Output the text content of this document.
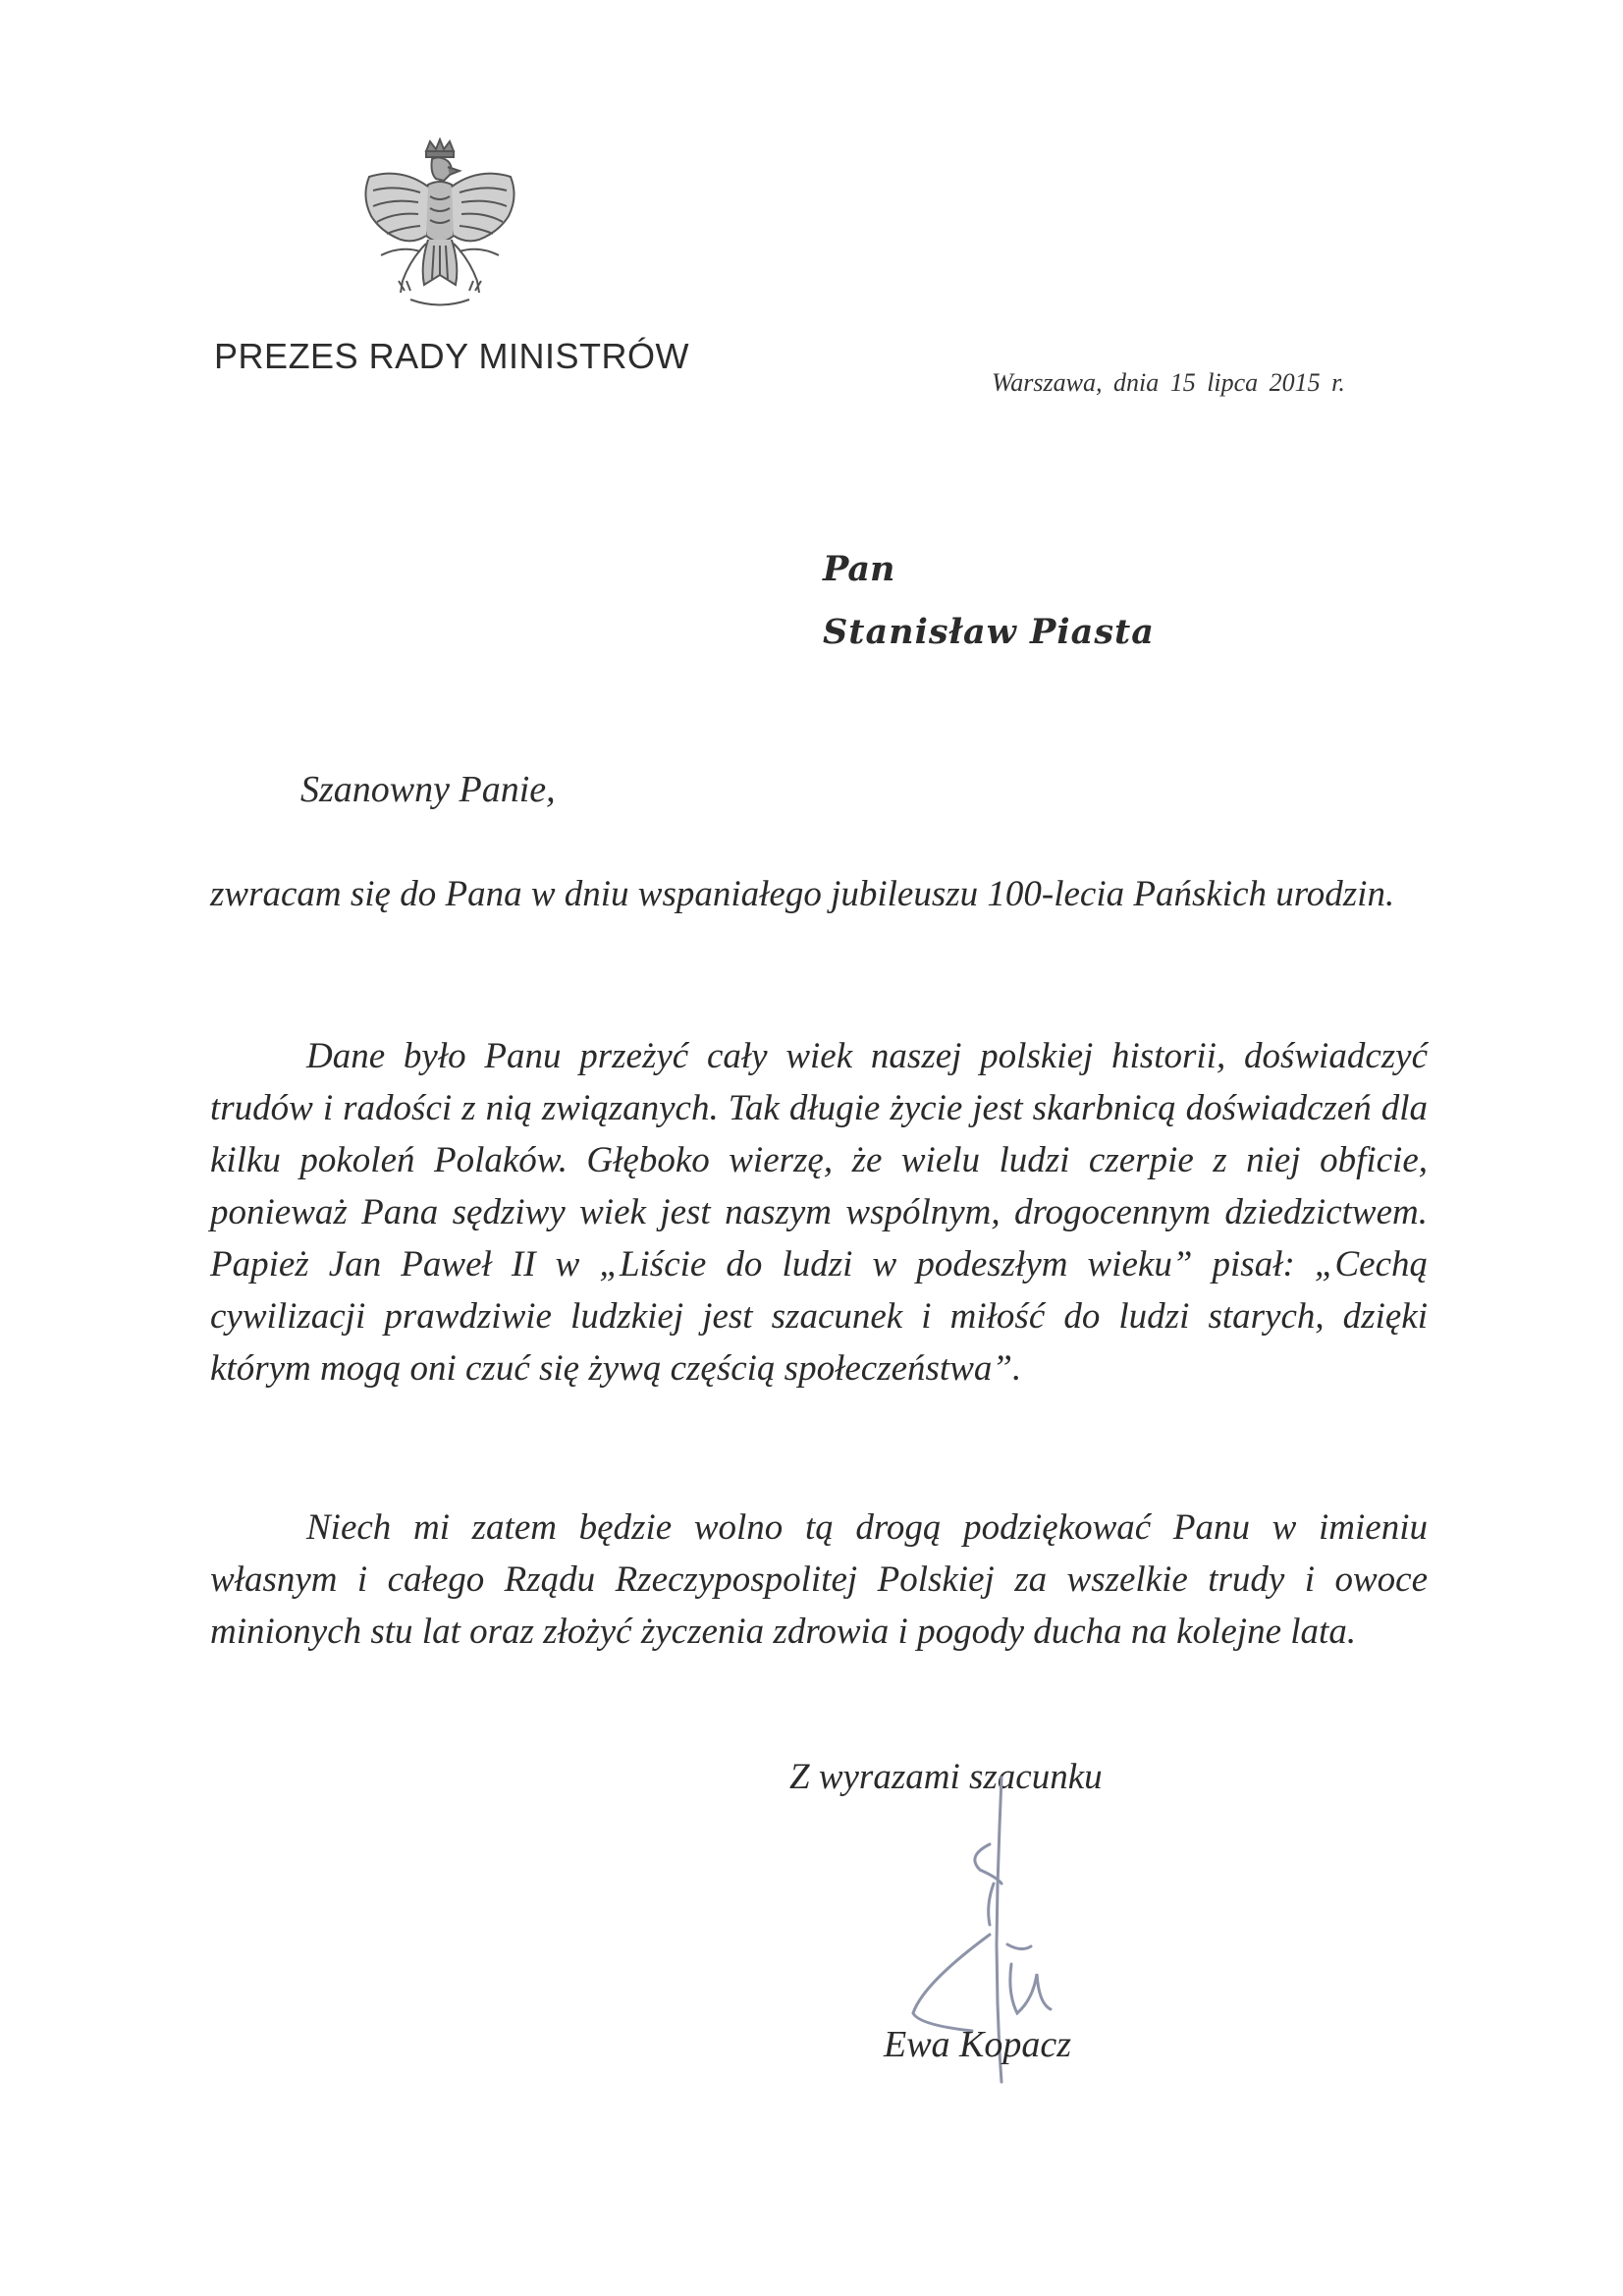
PREZES RADY MINISTRÓW
Warszawa, dnia 15 lipca 2015 r.
Pan
Stanisław Piasta
Szanowny Panie,

zwracam się do Pana w dniu wspaniałego jubileuszu 100-lecia Pańskich urodzin.

Dane było Panu przeżyć cały wiek naszej polskiej historii, doświadczyć trudów i radości z nią związanych. Tak długie życie jest skarbnicą doświadczeń dla kilku pokoleń Polaków. Głęboko wierzę, że wielu ludzi czerpie z niej obficie, ponieważ Pana sędziwy wiek jest naszym wspólnym, drogocennym dziedzictwem. Papież Jan Paweł II w „Liście do ludzi w podeszłym wieku” pisał: „Cechą cywilizacji prawdziwie ludzkiej jest szacunek i miłość do ludzi starych, dzięki którym mogą oni czuć się żywą częścią społeczeństwa”.

Niech mi zatem będzie wolno tą drogą podziękować Panu w imieniu własnym i całego Rządu Rzeczypospolitej Polskiej za wszelkie trudy i owoce minionych stu lat oraz złożyć życzenia zdrowia i pogody ducha na kolejne lata.

Z wyrazami szacunku
Ewa Kopacz
